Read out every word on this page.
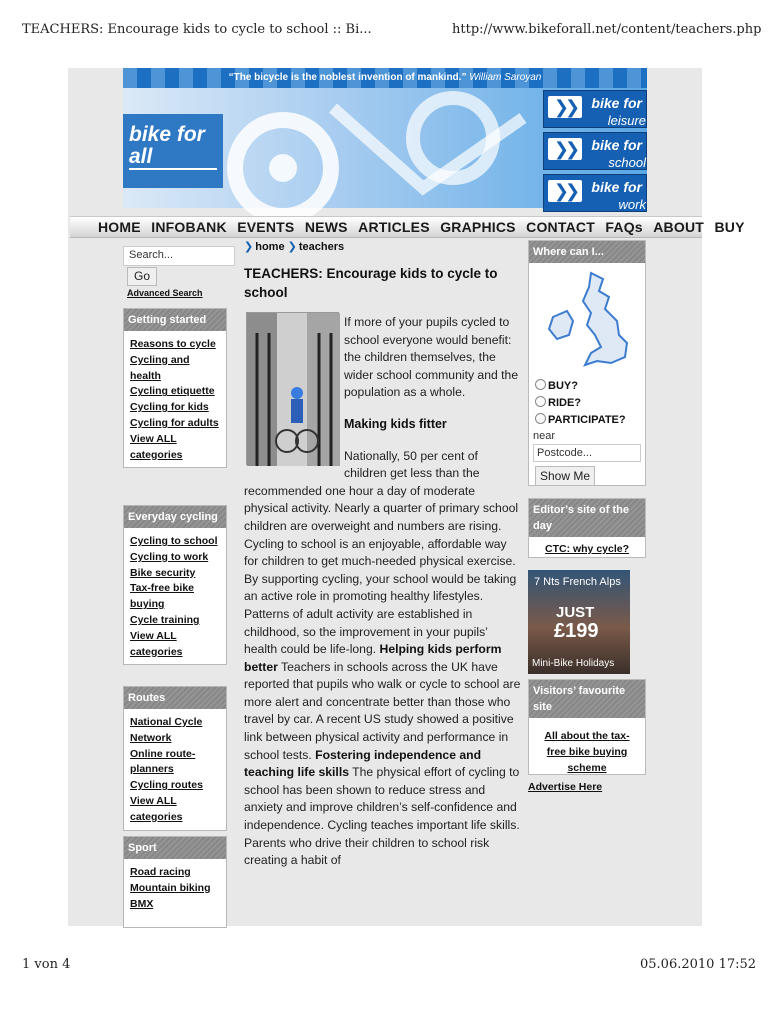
TEACHERS: Encourage kids to cycle to school :: Bi...	http://www.bikeforall.net/content/teachers.php
“The bicycle is the noblest invention of mankind.” William Saroyan
bike for all
❯❯	bike for
leisure
❯❯	bike for
school
❯❯	bike for
work
HOME INFOBANK EVENTS NEWS ARTICLES GRAPHICS CONTACT FAQs ABOUT BUY
Search...
Go
Advanced Search
Getting started
Reasons to cycle
Cycling and health
Cycling etiquette
Cycling for kids
Cycling for adults
View ALL categories
Everyday cycling
Cycling to school
Cycling to work
Bike security
Tax-free bike buying
Cycle training
View ALL categories
Routes
National Cycle Network
Online route-planners
Cycling routes
View ALL categories
Sport
Road racing
Mountain biking
BMX
❯ home ❯ teachers
TEACHERS: Encourage kids to cycle to school

If more of your pupils cycled to school everyone would benefit: the children themselves, the wider school community and the population as a whole.

Making kids fitter

Nationally, 50 per cent of children get less than the recommended one hour a day of moderate physical activity. Nearly a quarter of primary school children are overweight and numbers are rising. Cycling to school is an enjoyable, affordable way for children to get much-needed physical exercise. By supporting cycling, your school would be taking an active role in promoting healthy lifestyles. Patterns of adult activity are established in childhood, so the improvement in your pupils’ health could be life-long. Helping kids perform better Teachers in schools across the UK have reported that pupils who walk or cycle to school are more alert and concentrate better than those who travel by car. A recent US study showed a positive link between physical activity and performance in school tests. Fostering independence and teaching life skills The physical effort of cycling to school has been shown to reduce stress and anxiety and improve children’s self-confidence and independence. Cycling teaches important life skills. Parents who drive their children to school risk creating a habit of

Where can I...
BUY?
RIDE?
PARTICIPATE?
near
Postcode...
Show Me
Editor’s site of the day
CTC: why cycle?
7 Nts French Alps
JUST
£199
Mini-Bike Holidays
Visitors’ favourite site
All about the tax-free bike buying scheme
Advertise Here
1 von 4	05.06.2010 17:52
